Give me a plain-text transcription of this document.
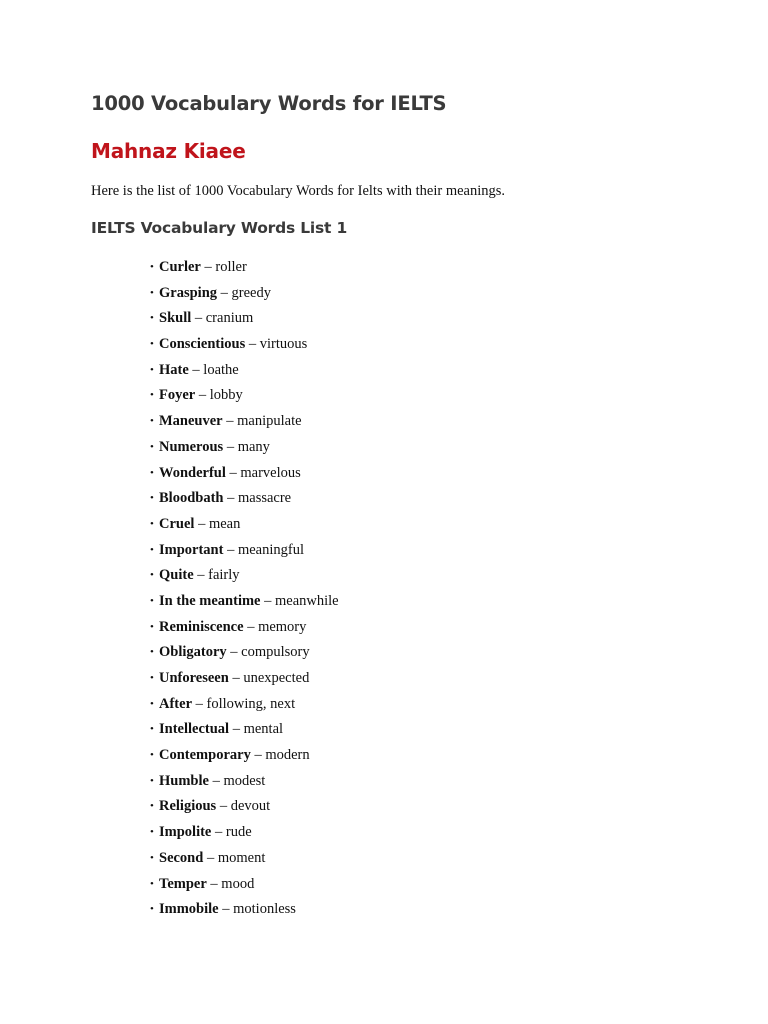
1000 Vocabulary Words for IELTS
Mahnaz Kiaee

Here is the list of 1000 Vocabulary Words for Ielts with their meanings.

IELTS Vocabulary Words List 1
• Curler – roller
• Grasping – greedy
• Skull – cranium
• Conscientious – virtuous
• Hate – loathe
• Foyer – lobby
• Maneuver – manipulate
• Numerous – many
• Wonderful – marvelous
• Bloodbath – massacre
• Cruel – mean
• Important – meaningful
• Quite – fairly
• In the meantime – meanwhile
• Reminiscence – memory
• Obligatory – compulsory
• Unforeseen – unexpected
• After – following, next
• Intellectual – mental
• Contemporary – modern
• Humble – modest
• Religious – devout
• Impolite – rude
• Second – moment
• Temper – mood
• Immobile – motionless
